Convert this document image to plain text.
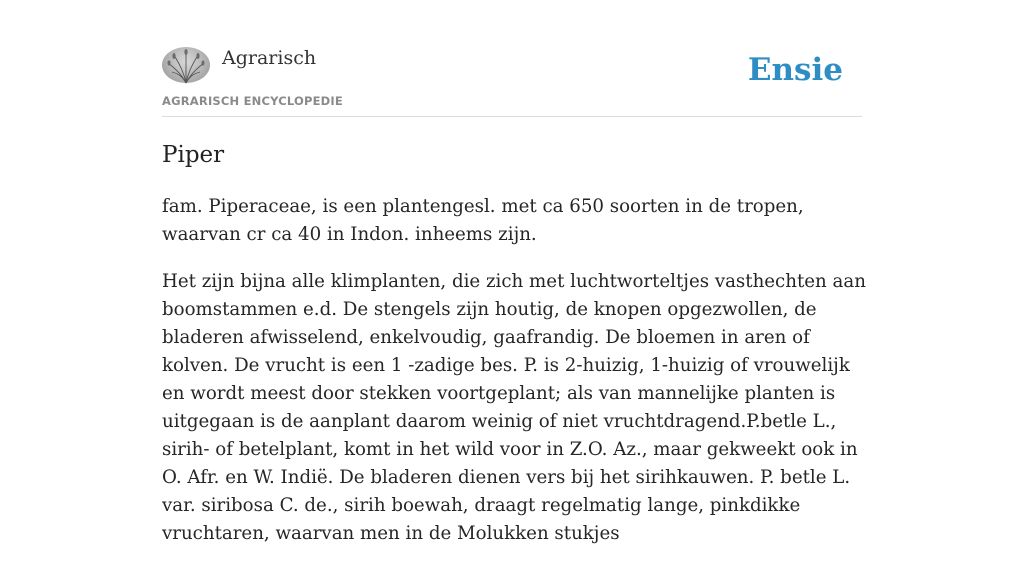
Agrarisch
AGRARISCH ENCYCLOPEDIE
Ensie
Piper

fam. Piperaceae, is een plantengesl. met ca 650 soorten in de tropen, waarvan cr ca 40 in Indon. inheems zijn.

Het zijn bijna alle klimplanten, die zich met luchtworteltjes vasthechten aan boomstammen e.d. De stengels zijn houtig, de knopen opgezwollen, de bladeren afwisselend, enkelvoudig, gaafrandig. De bloemen in aren of kolven. De vrucht is een 1 -zadige bes. P. is 2-huizig, 1-huizig of vrouwelijk en wordt meest door stekken voortgeplant; als van mannelijke planten is uitgegaan is de aanplant daarom weinig of niet vruchtdragend.P.betle L., sirih- of betelplant, komt in het wild voor in Z.O. Az., maar gekweekt ook in O. Afr. en W. Indië. De bladeren dienen vers bij het sirihkauwen. P. betle L. var. siribosa C. de., sirih boewah, draagt regelmatig lange, pinkdikke vruchtaren, waarvan men in de Molukken stukjes
